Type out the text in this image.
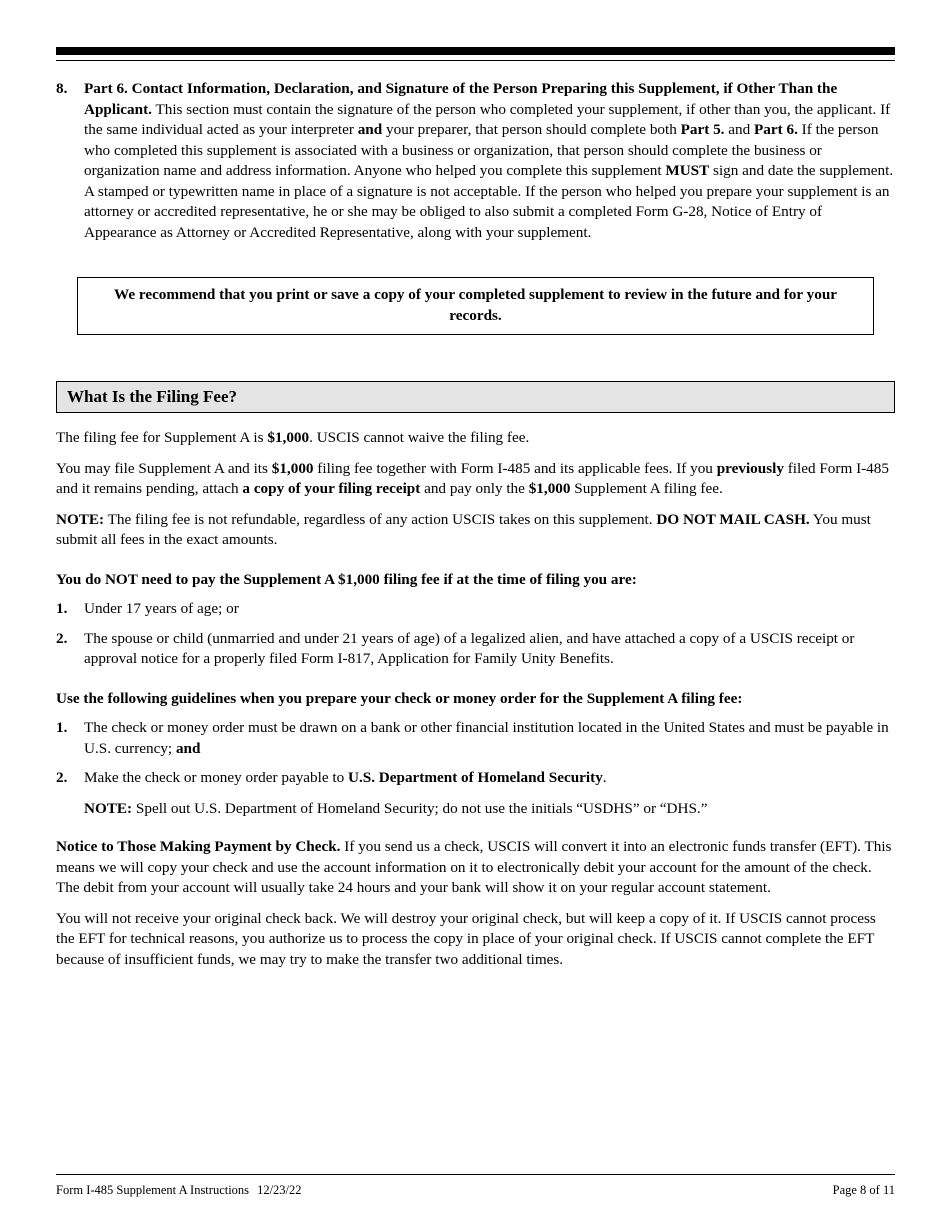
8.	Part 6. Contact Information, Declaration, and Signature of the Person Preparing this Supplement, if Other Than the Applicant. This section must contain the signature of the person who completed your supplement, if other than you, the applicant. If the same individual acted as your interpreter and your preparer, that person should complete both Part 5. and Part 6. If the person who completed this supplement is associated with a business or organization, that person should complete the business or organization name and address information. Anyone who helped you complete this supplement MUST sign and date the supplement. A stamped or typewritten name in place of a signature is not acceptable. If the person who helped you prepare your supplement is an attorney or accredited representative, he or she may be obliged to also submit a completed Form G-28, Notice of Entry of Appearance as Attorney or Accredited Representative, along with your supplement.
We recommend that you print or save a copy of your completed supplement to review in the future and for your records.
What Is the Filing Fee?

The filing fee for Supplement A is $1,000. USCIS cannot waive the filing fee.

You may file Supplement A and its $1,000 filing fee together with Form I-485 and its applicable fees. If you previously filed Form I-485 and it remains pending, attach a copy of your filing receipt and pay only the $1,000 Supplement A filing fee.

NOTE: The filing fee is not refundable, regardless of any action USCIS takes on this supplement. DO NOT MAIL CASH. You must submit all fees in the exact amounts.

You do NOT need to pay the Supplement A $1,000 filing fee if at the time of filing you are:

1.	Under 17 years of age; or
2.	The spouse or child (unmarried and under 21 years of age) of a legalized alien, and have attached a copy of a USCIS receipt or approval notice for a properly filed Form I-817, Application for Family Unity Benefits.

Use the following guidelines when you prepare your check or money order for the Supplement A filing fee:

1.	The check or money order must be drawn on a bank or other financial institution located in the United States and must be payable in U.S. currency; and
2.	Make the check or money order payable to U.S. Department of Homeland Security.
NOTE: Spell out U.S. Department of Homeland Security; do not use the initials “USDHS” or “DHS.”

Notice to Those Making Payment by Check. If you send us a check, USCIS will convert it into an electronic funds transfer (EFT). This means we will copy your check and use the account information on it to electronically debit your account for the amount of the check. The debit from your account will usually take 24 hours and your bank will show it on your regular account statement.

You will not receive your original check back. We will destroy your original check, but will keep a copy of it. If USCIS cannot process the EFT for technical reasons, you authorize us to process the copy in place of your original check. If USCIS cannot complete the EFT because of insufficient funds, we may try to make the transfer two additional times.

Form I-485 Supplement A Instructions 12/23/22	Page 8 of 11
